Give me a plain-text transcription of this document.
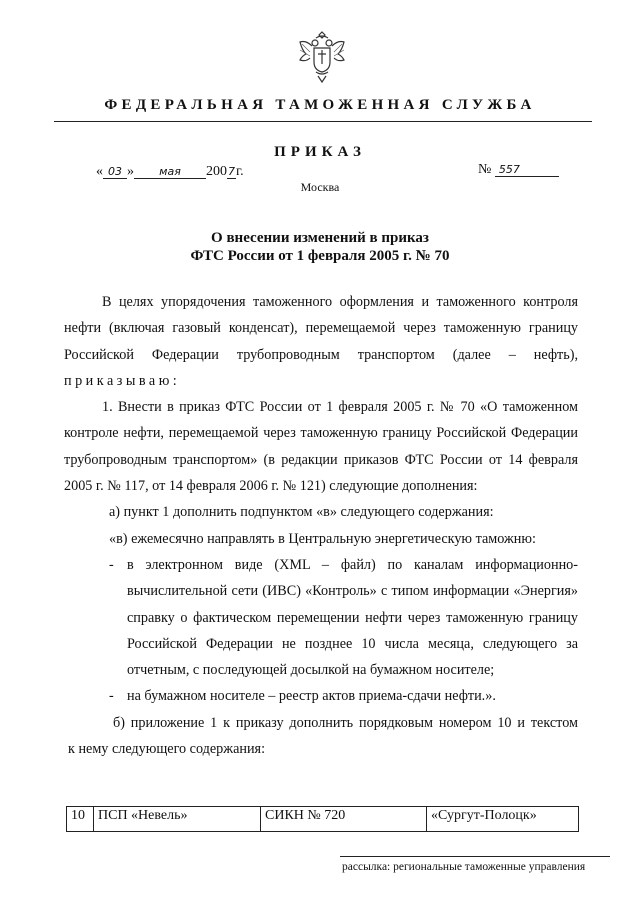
ФЕДЕРАЛЬНАЯ ТАМОЖЕННАЯ СЛУЖБА
ПРИКАЗ
« 03 » мая 2007г.	№ 557
Москва
О внесении изменений в приказ
ФТС России от 1 февраля 2005 г. № 70

В целях упорядочения таможенного оформления и таможенного контроля нефти (включая газовый конденсат), перемещаемой через таможенную границу Российской Федерации трубопроводным транспортом (далее – нефть), приказываю:

1. Внести в приказ ФТС России от 1 февраля 2005 г. № 70 «О таможенном контроле нефти, перемещаемой через таможенную границу Российской Федерации трубопроводным транспортом» (в редакции приказов ФТС России от 14 февраля 2005 г. № 117, от 14 февраля 2006 г. № 121) следующие дополнения:

а) пункт 1 дополнить подпунктом «в» следующего содержания:

«в) ежемесячно направлять в Центральную энергетическую таможню:

- в электронном виде (XML – файл) по каналам информационно-

вычислительной сети (ИВС) «Контроль» с типом информации «Энергия» справку о фактическом перемещении нефти через таможенную границу Российской Федерации не позднее 10 числа месяца, следующего за отчетным, с последующей досылкой на бумажном носителе;

- на бумажном носителе – реестр актов приема-сдачи нефти.».

б) приложение 1 к приказу дополнить порядковым номером 10 и текстом

к нему следующего содержания:

10	ПСП «Невель»	СИКН № 720	«Сургут-Полоцк»
рассылка: региональные таможенные управления
